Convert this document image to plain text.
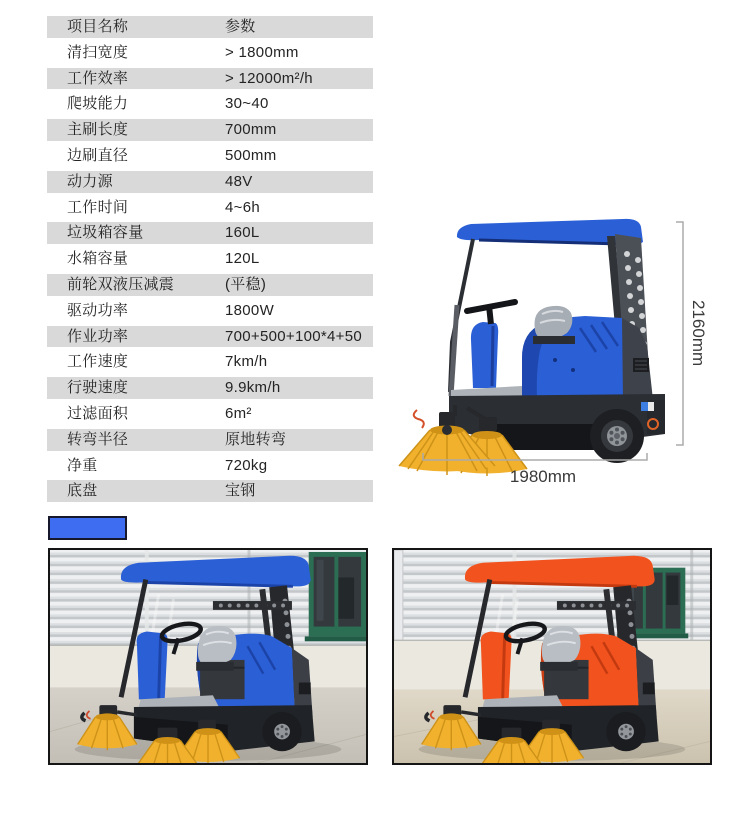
项目名称	参数
清扫宽度	> 1800mm
工作效率	> 12000m²/h
爬坡能力	30~40
主刷长度	700mm
边刷直径	500mm
动力源	48V
工作时间	4~6h
垃圾箱容量	160L
水箱容量	120L
前轮双液压减震	(平稳)
驱动功率	1800W
作业功率	700+500+100*4+50
工作速度	7km/h
行驶速度	9.9km/h
过滤面积	6m²
转弯半径	原地转弯
净重	720kg
底盘	宝钢
2160mm
1980mm
